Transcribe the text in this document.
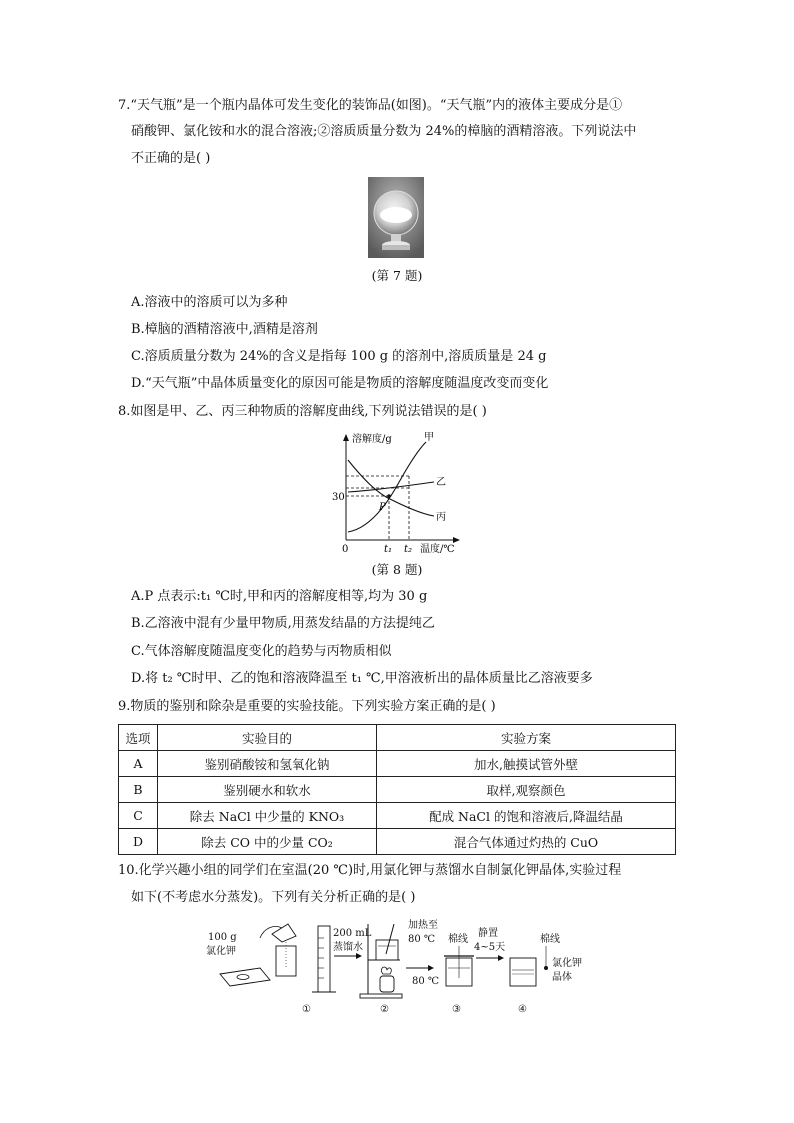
7.“天气瓶”是一个瓶内晶体可发生变化的装饰品(如图)。“天气瓶”内的液体主要成分是①
硝酸钾、氯化铵和水的混合溶液;②溶质质量分数为 24%的樟脑的酒精溶液。下列说法中
不正确的是( )
(第 7 题)
A.溶液中的溶质可以为多种
B.樟脑的酒精溶液中,酒精是溶剂
C.溶质质量分数为 24%的含义是指每 100 g 的溶剂中,溶质质量是 24 g
D.“天气瓶”中晶体质量变化的原因可能是物质的溶解度随温度改变而变化
8.如图是甲、乙、丙三种物质的溶解度曲线,下列说法错误的是( )
溶解度/g	甲
乙
丙
30
P
0	t₁ t₂ 温度/℃
(第 8 题)
A.P 点表示:t₁ ℃时,甲和丙的溶解度相等,均为 30 g
B.乙溶液中混有少量甲物质,用蒸发结晶的方法提纯乙
C.气体溶解度随温度变化的趋势与丙物质相似
D.将 t₂ ℃时甲、乙的饱和溶液降温至 t₁ ℃,甲溶液析出的晶体质量比乙溶液要多
9.物质的鉴别和除杂是重要的实验技能。下列实验方案正确的是( )
选项	实验目的	实验方案
A	鉴别硝酸铵和氢氧化钠	加水,触摸试管外壁
B	鉴别硬水和软水	取样,观察颜色
C	除去 NaCl 中少量的 KNO₃	配成 NaCl 的饱和溶液后,降温结晶
D	除去 CO 中的少量 CO₂	混合气体通过灼热的 CuO
10.化学兴趣小组的同学们在室温(20 ℃)时,用氯化钾与蒸馏水自制氯化钾晶体,实验过程
如下(不考虑水分蒸发)。下列有关分析正确的是( )
100 g
氯化钾
200 mL
蒸馏水
①
加热至
80 ℃
②
棉线
80 ℃
静置
4~5天
③
棉线
氯化钾
晶体
④
